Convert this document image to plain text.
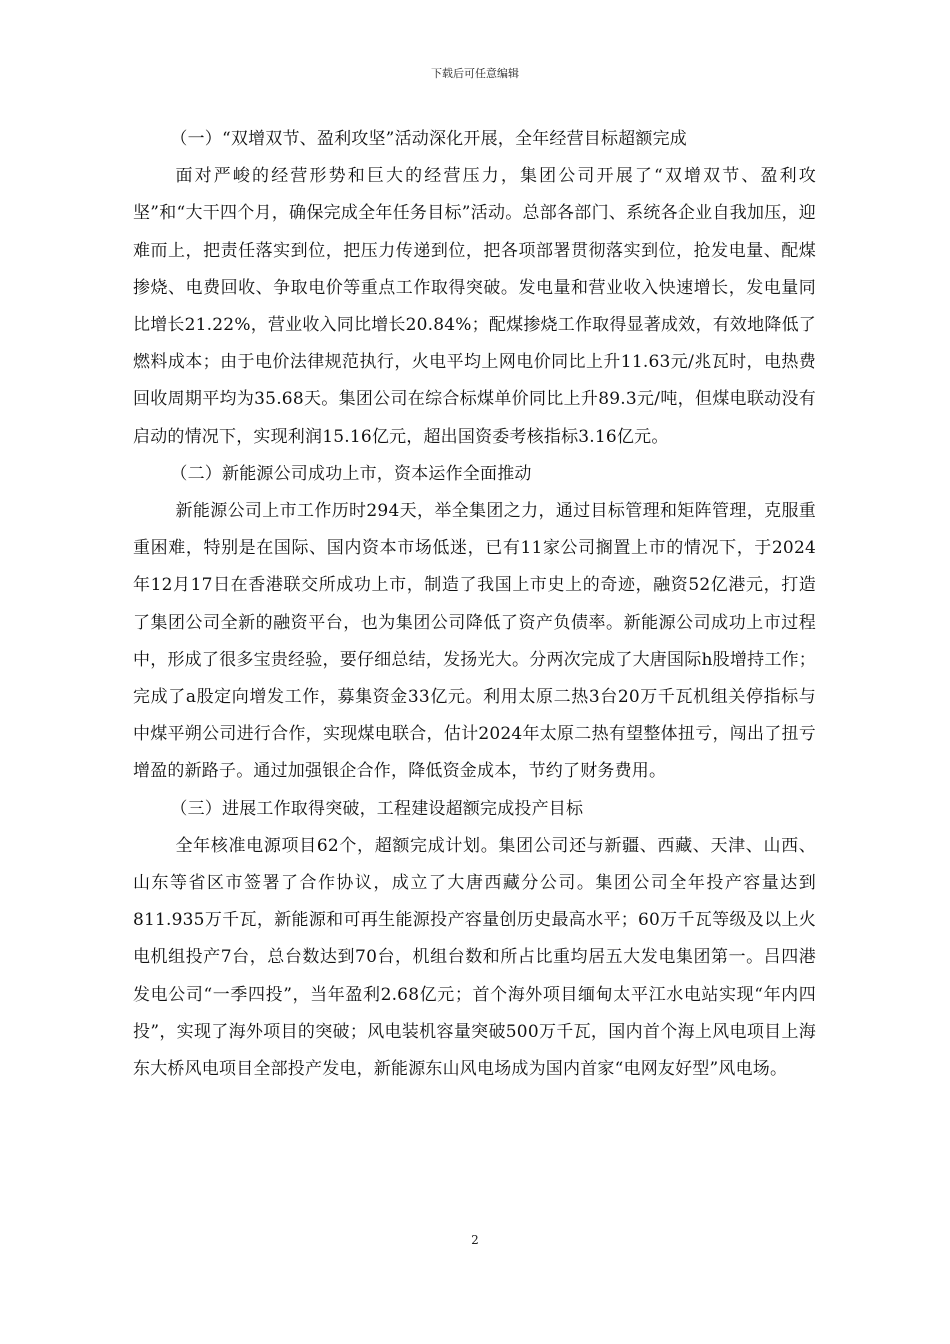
下载后可任意编辑

（一）“双增双节、盈利攻坚”活动深化开展，全年经营目标超额完成

面对严峻的经营形势和巨大的经营压力，集团公司开展了“双增双节、盈利攻坚”和“大干四个月，确保完成全年任务目标”活动。总部各部门、系统各企业自我加压，迎难而上，把责任落实到位，把压力传递到位，把各项部署贯彻落实到位，抢发电量、配煤掺烧、电费回收、争取电价等重点工作取得突破。发电量和营业收入快速增长，发电量同比增长21.22%，营业收入同比增长20.84%；配煤掺烧工作取得显著成效，有效地降低了燃料成本；由于电价法律规范执行，火电平均上网电价同比上升11.63元/兆瓦时，电热费回收周期平均为35.68天。集团公司在综合标煤单价同比上升89.3元/吨，但煤电联动没有启动的情况下，实现利润15.16亿元，超出国资委考核指标3.16亿元。

（二）新能源公司成功上市，资本运作全面推动

新能源公司上市工作历时294天，举全集团之力，通过目标管理和矩阵管理，克服重重困难，特别是在国际、国内资本市场低迷，已有11家公司搁置上市的情况下，于2024年12月17日在香港联交所成功上市，制造了我国上市史上的奇迹，融资52亿港元，打造了集团公司全新的融资平台，也为集团公司降低了资产负债率。新能源公司成功上市过程中，形成了很多宝贵经验，要仔细总结，发扬光大。分两次完成了大唐国际h股增持工作；完成了a股定向增发工作，募集资金33亿元。利用太原二热3台20万千瓦机组关停指标与中煤平朔公司进行合作，实现煤电联合，估计2024年太原二热有望整体扭亏，闯出了扭亏增盈的新路子。通过加强银企合作，降低资金成本，节约了财务费用。

（三）进展工作取得突破，工程建设超额完成投产目标

全年核准电源项目62个，超额完成计划。集团公司还与新疆、西藏、天津、山西、山东等省区市签署了合作协议，成立了大唐西藏分公司。集团公司全年投产容量达到811.935万千瓦，新能源和可再生能源投产容量创历史最高水平；60万千瓦等级及以上火电机组投产7台，总台数达到70台，机组台数和所占比重均居五大发电集团第一。吕四港发电公司“一季四投”，当年盈利2.68亿元；首个海外项目缅甸太平江水电站实现“年内四投”，实现了海外项目的突破；风电装机容量突破500万千瓦，国内首个海上风电项目上海东大桥风电项目全部投产发电，新能源东山风电场成为国内首家“电网友好型”风电场。

2
